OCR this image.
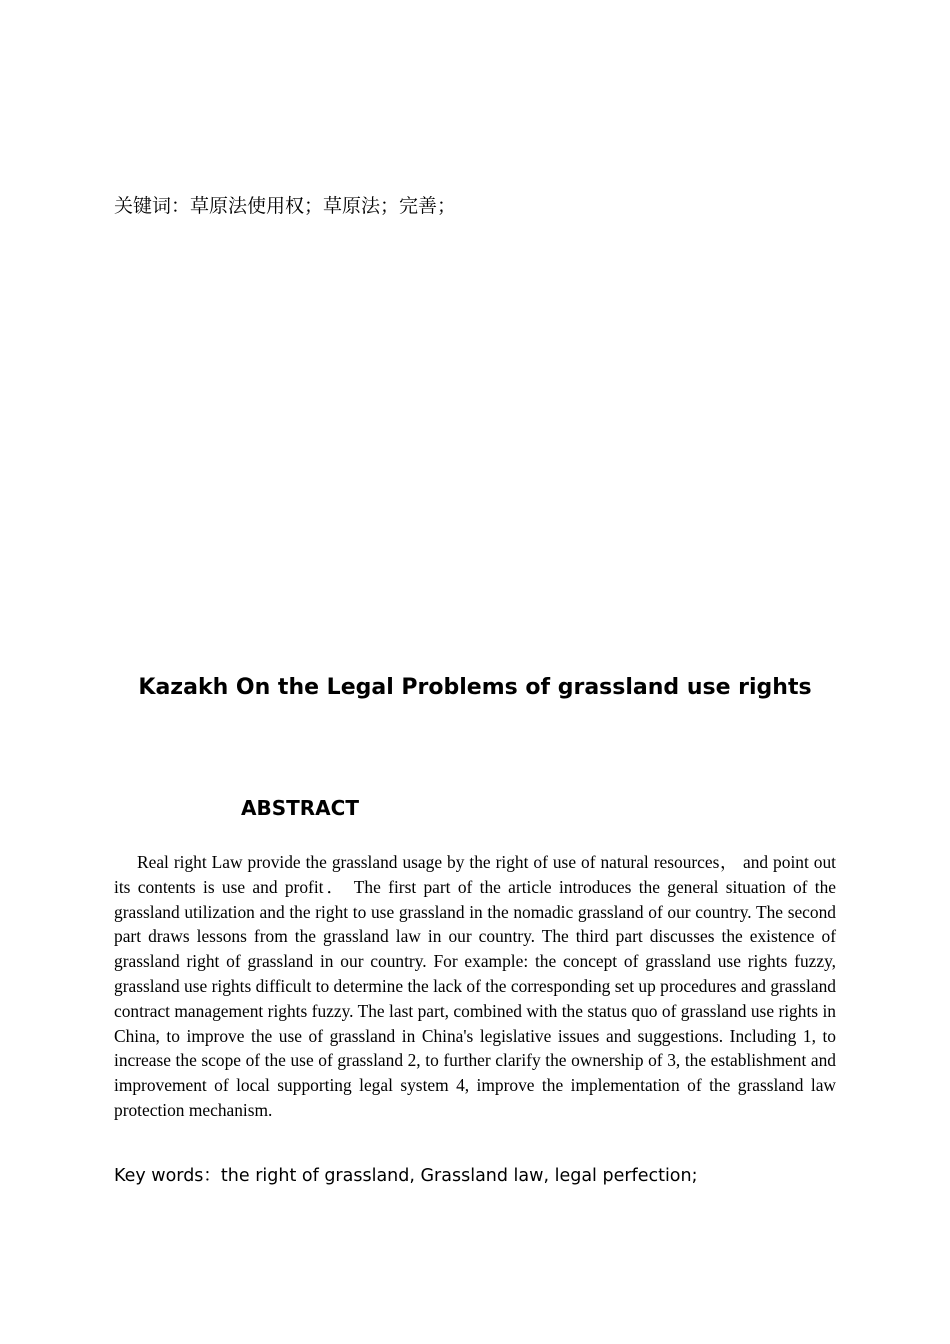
关键词：草原法使用权；草原法；完善；
Kazakh On the Legal Problems of grassland use rights
ABSTRACT

Real right Law provide the grassland usage by the right of use of natural resources， and point out its contents is use and profit． The first part of the article introduces the general situation of the grassland utilization and the right to use grassland in the nomadic grassland of our country. The second part draws lessons from the grassland law in our country. The third part discusses the existence of grassland right of grassland in our country. For example: the concept of grassland use rights fuzzy, grassland use rights difficult to determine the lack of the corresponding set up procedures and grassland contract management rights fuzzy. The last part, combined with the status quo of grassland use rights in China, to improve the use of grassland in China's legislative issues and suggestions. Including 1, to increase the scope of the use of grassland 2, to further clarify the ownership of 3, the establishment and improvement of local supporting legal system 4, improve the implementation of the grassland law protection mechanism.

Key words：the right of grassland, Grassland law, legal perfection;
